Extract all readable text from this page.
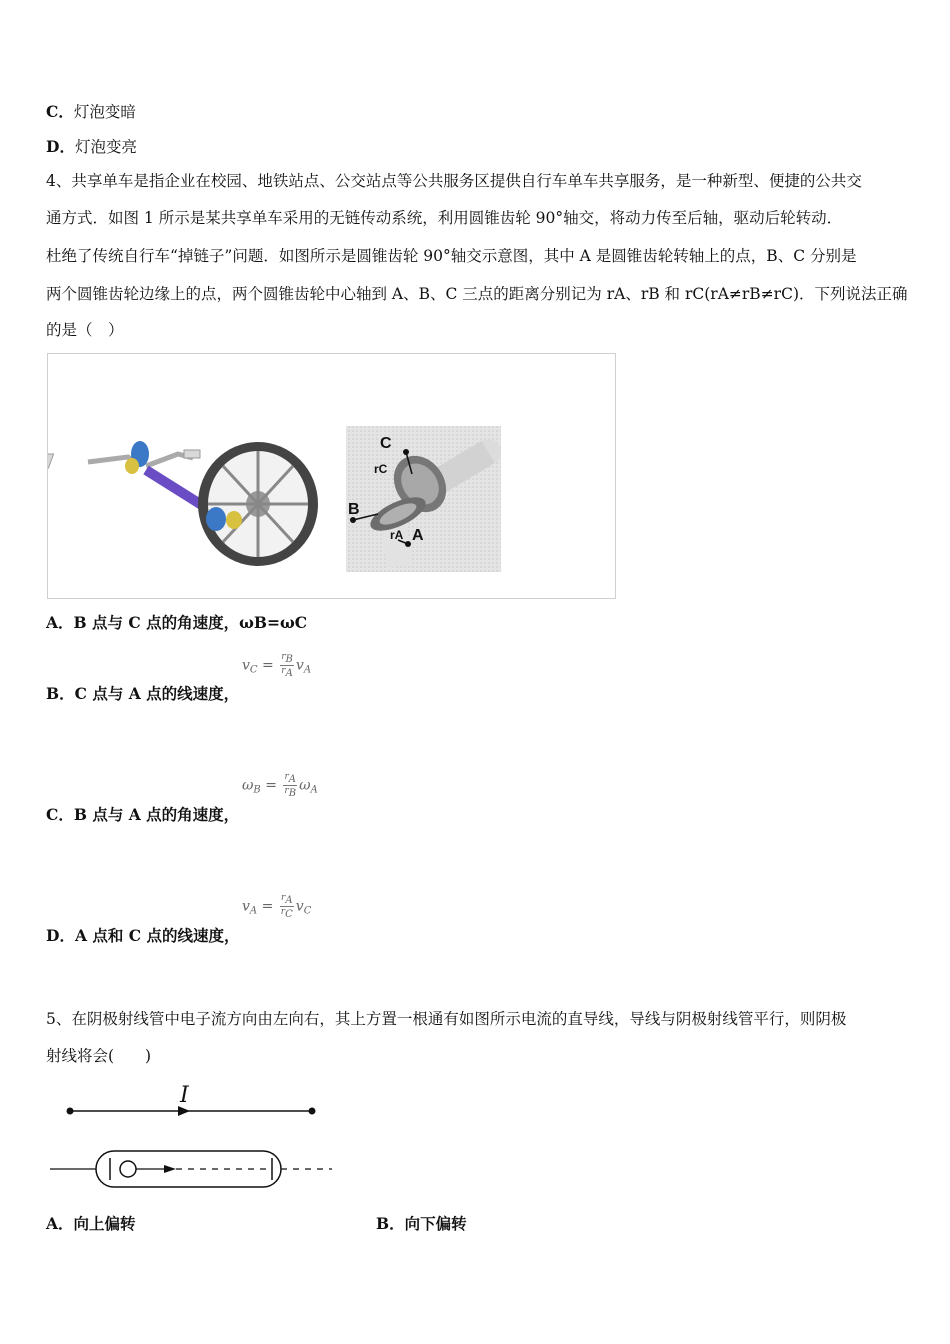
C．灯泡变暗
D．灯泡变亮
4、共享单车是指企业在校园、地铁站点、公交站点等公共服务区提供自行车单车共享服务，是一种新型、便捷的公共交
通方式．如图 1 所示是某共享单车采用的无链传动系统，利用圆锥齿轮 90°轴交，将动力传至后轴，驱动后轮转动．
杜绝了传统自行车“掉链子”问题．如图所示是圆锥齿轮 90°轴交示意图，其中 A 是圆锥齿轮转轴上的点，B、C 分别是
两个圆锥齿轮边缘上的点，两个圆锥齿轮中心轴到 A、B、C 三点的距离分别记为 rA、rB 和 rC(rA≠rB≠rC)．下列说法正确
的是（　）
C
rC
B
rA A
A．B 点与 C 点的角速度，ωB=ωC
$v_C = \frac{r_B}{r_A} v_A$
B．C 点与 A 点的线速度，
$\omega_B = \frac{r_A}{r_B} \omega_A$
C．B 点与 A 点的角速度，
$v_A = \frac{r_A}{r_C} v_C$
D．A 点和 C 点的线速度，
5、在阴极射线管中电子流方向由左向右，其上方置一根通有如图所示电流的直导线，导线与阴极射线管平行，则阴极
射线将会(　　)
I
A．向上偏转	B．向下偏转
